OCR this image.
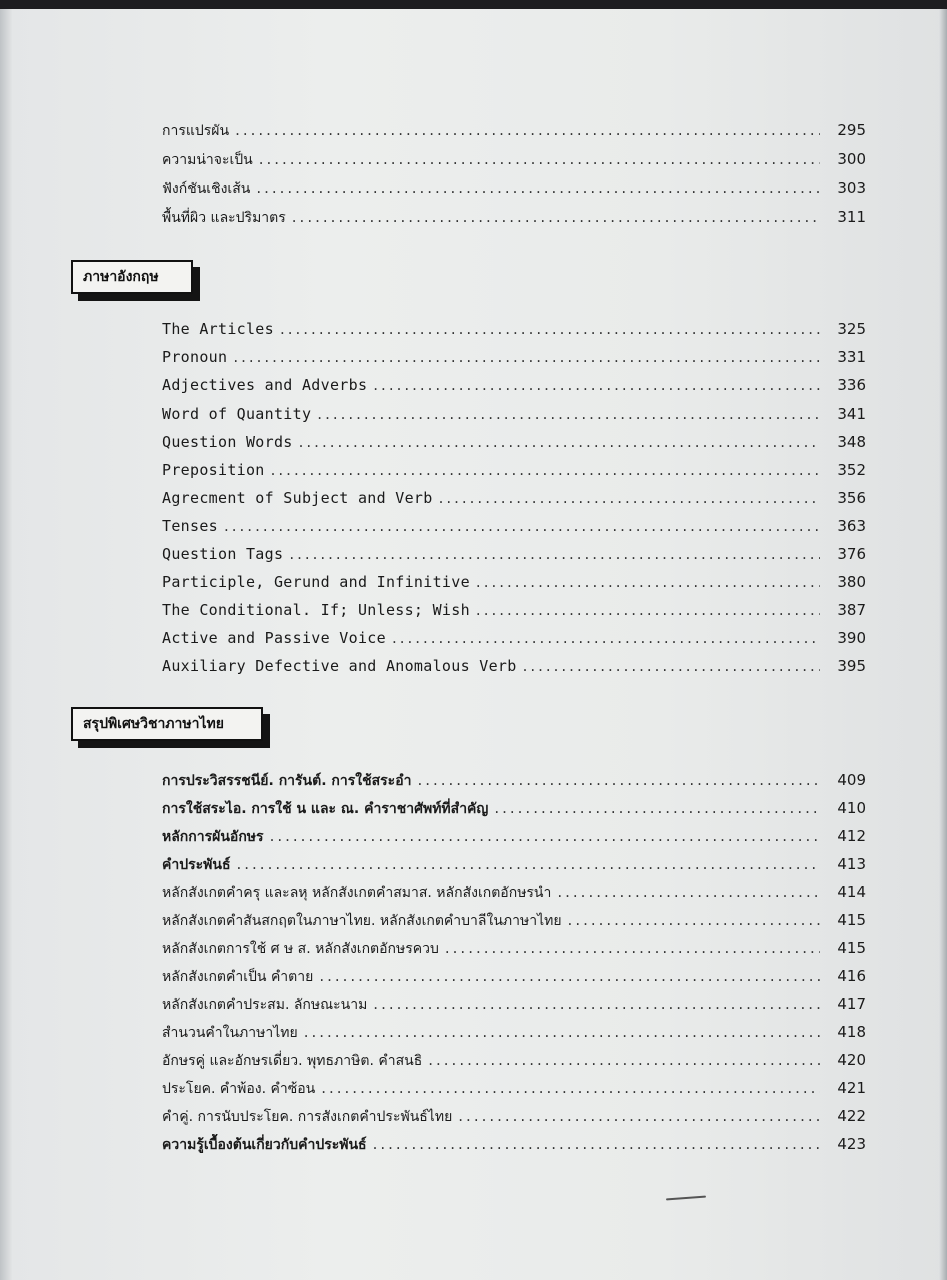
การแปรผัน .....	295
ความน่าจะเป็น .....	300
ฟังก์ชันเชิงเส้น .....	303
พื้นที่ผิว และปริมาตร .....	311
ภาษาอังกฤษ
The Articles .....	325
Pronoun .....	331
Adjectives and Adverbs .....	336
Word of Quantity .....	341
Question Words .....	348
Preposition .....	352
Agrecment of Subject and Verb .....	356
Tenses .....	363
Question Tags .....	376
Participle, Gerund and Infinitive .....	380
The Conditional. If; Unless; Wish .....	387
Active and Passive Voice .....	390
Auxiliary Defective and Anomalous Verb .....	395
สรุปพิเศษวิชาภาษาไทย
การประวิสรรชนีย์. การันต์. การใช้สระอำ .....	409
การใช้สระไอ. การใช้ น และ ณ. คำราชาศัพท์ที่สำคัญ .....	410
หลักการผันอักษร .....	412
คำประพันธ์ .....	413
หลักสังเกตคำครุ และลหุ หลักสังเกตคำสมาส. หลักสังเกตอักษรนำ .....	414
หลักสังเกตคำสันสกฤตในภาษาไทย. หลักสังเกตคำบาลีในภาษาไทย .....	415
หลักสังเกตการใช้ ศ ษ ส. หลักสังเกตอักษรควบ .....	415
หลักสังเกตคำเป็น คำตาย .....	416
หลักสังเกตคำประสม. ลักษณะนาม .....	417
สำนวนคำในภาษาไทย .....	418
อักษรคู่ และอักษรเดี่ยว. พุทธภาษิต. คำสนธิ .....	420
ประโยค. คำพ้อง. คำซ้อน .....	421
คำคู่. การนับประโยค. การสังเกตคำประพันธ์ไทย .....	422
ความรู้เบื้องต้นเกี่ยวกับคำประพันธ์ .....	423
